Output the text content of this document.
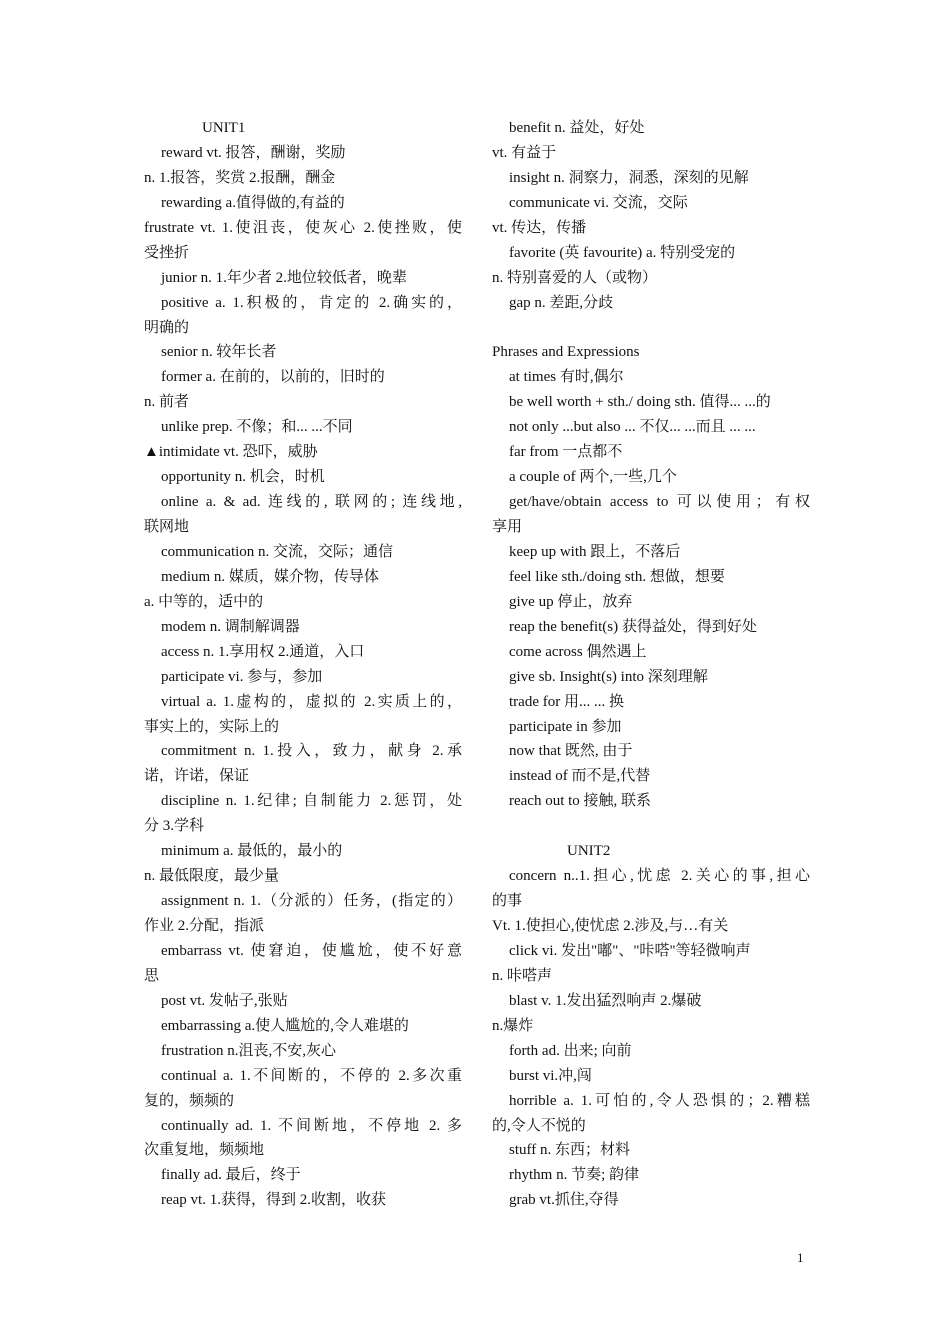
UNIT1
reward vt. 报答，酬谢，奖励
n. 1.报答，奖赏 2.报酬，酬金
rewarding a.值得做的,有益的
frustrate vt. 1.使沮丧，使灰心 2.使挫败，使
受挫折
junior n. 1.年少者 2.地位较低者，晚辈
positive a. 1.积极的，肯定的 2.确实的，
明确的
senior n. 较年长者
former a. 在前的，以前的，旧时的
n. 前者
unlike prep. 不像；和... ...不同
▲intimidate vt. 恐吓，威胁
opportunity n. 机会，时机
online a. & ad. 连线的, 联网的; 连线地,
联网地
communication n. 交流，交际；通信
medium n. 媒质，媒介物，传导体
a. 中等的，适中的
modem n. 调制解调器
access n. 1.享用权 2.通道，入口
participate vi. 参与，参加
virtual a. 1.虚构的，虚拟的 2.实质上的，
事实上的，实际上的
commitment n. 1.投入，致力，献身 2.承
诺，许诺，保证
discipline n. 1.纪律; 自制能力 2.惩罚，处
分 3.学科
minimum a. 最低的，最小的
n. 最低限度，最少量
assignment n. 1.（分派的）任务，(指定的）
作业 2.分配，指派
embarrass vt. 使窘迫，使尴尬，使不好意
思
post vt. 发帖子,张贴
embarrassing a.使人尴尬的,令人难堪的
frustration n.沮丧,不安,灰心
continual a. 1.不间断的，不停的 2.多次重
复的，频频的
continually ad. 1. 不间断地，不停地 2. 多
次重复地，频频地
finally ad. 最后，终于
reap vt. 1.获得，得到 2.收割，收获
benefit n. 益处，好处
vt. 有益于
insight n. 洞察力，洞悉，深刻的见解
communicate vi. 交流，交际
vt. 传达，传播
favorite (英 favourite) a. 特别受宠的
n. 特别喜爱的人（或物）
gap n. 差距,分歧
Phrases and Expressions
at times 有时,偶尔
be well worth + sth./ doing sth. 值得... ...的
not only ...but also ... 不仅... ...而且 ... ...
far from 一点都不
a couple of 两个,一些,几个
get/have/obtain access to 可以使用；有权
享用
keep up with 跟上，不落后
feel like sth./doing sth. 想做，想要
give up 停止，放弃
reap the benefit(s) 获得益处，得到好处
come across 偶然遇上
give sb. Insight(s) into 深刻理解
trade for 用... ... 换
participate in 参加
now that 既然, 由于
instead of 而不是,代替
reach out to 接触, 联系
UNIT2
concern n..1.担心,忧虑 2.关心的事,担心
的事
Vt. 1.使担心,使忧虑 2.涉及,与…有关
click vi. 发出"嘟"、"咔嗒"等轻微响声
n. 咔嗒声
blast v. 1.发出猛烈响声 2.爆破
n.爆炸
forth ad. 出来; 向前
burst vi.冲,闯
horrible a. 1.可怕的,令人恐惧的；2.糟糕
的,令人不悦的
stuff n. 东西；材料
rhythm n. 节奏; 韵律
grab vt.抓住,夺得
1
